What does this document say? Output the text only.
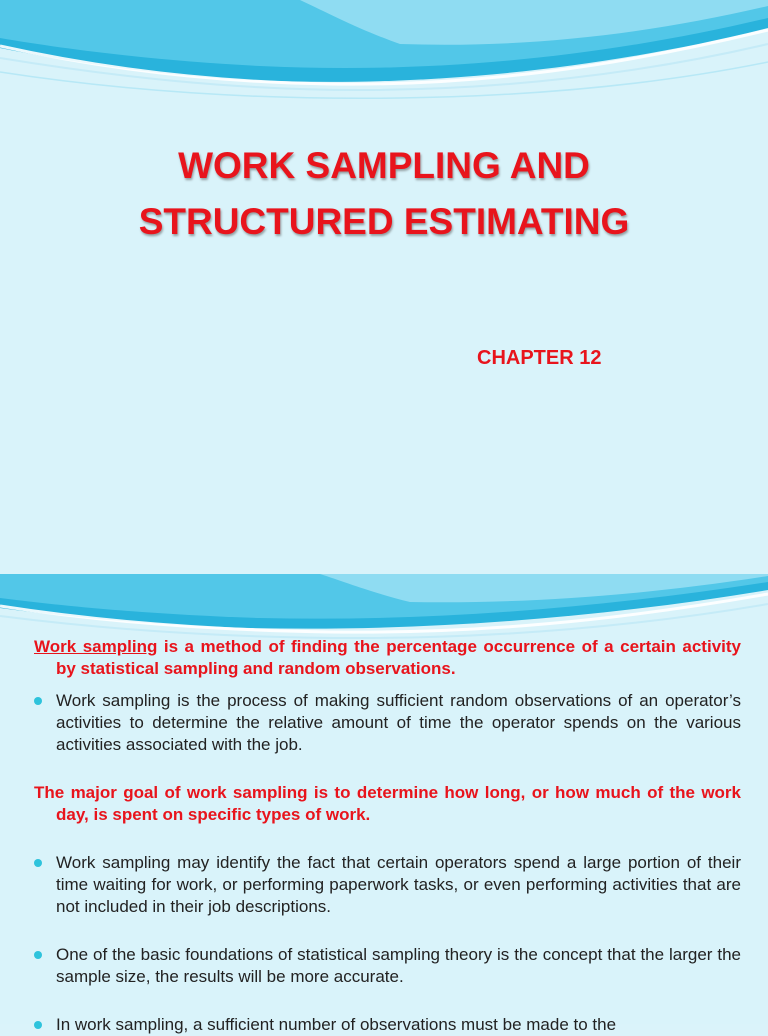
WORK SAMPLING AND
STRUCTURED ESTIMATING

CHAPTER 12

Work sampling is a method of finding the percentage occurrence of a certain activity by statistical sampling and random observations.

Work sampling is the process of making sufficient random observations of an operator’s activities to determine the relative amount of time the operator spends on the various activities associated with the job.

The major goal of work sampling is to determine how long, or how much of the work day, is spent on specific types of work.

Work sampling may identify the fact that certain operators spend a large portion of their time waiting for work, or performing paperwork tasks, or even performing activities that are not included in their job descriptions.

One of the basic foundations of statistical sampling theory is the concept that the larger the sample size, the results will be more accurate.

In work sampling, a sufficient number of observations must be made to the
